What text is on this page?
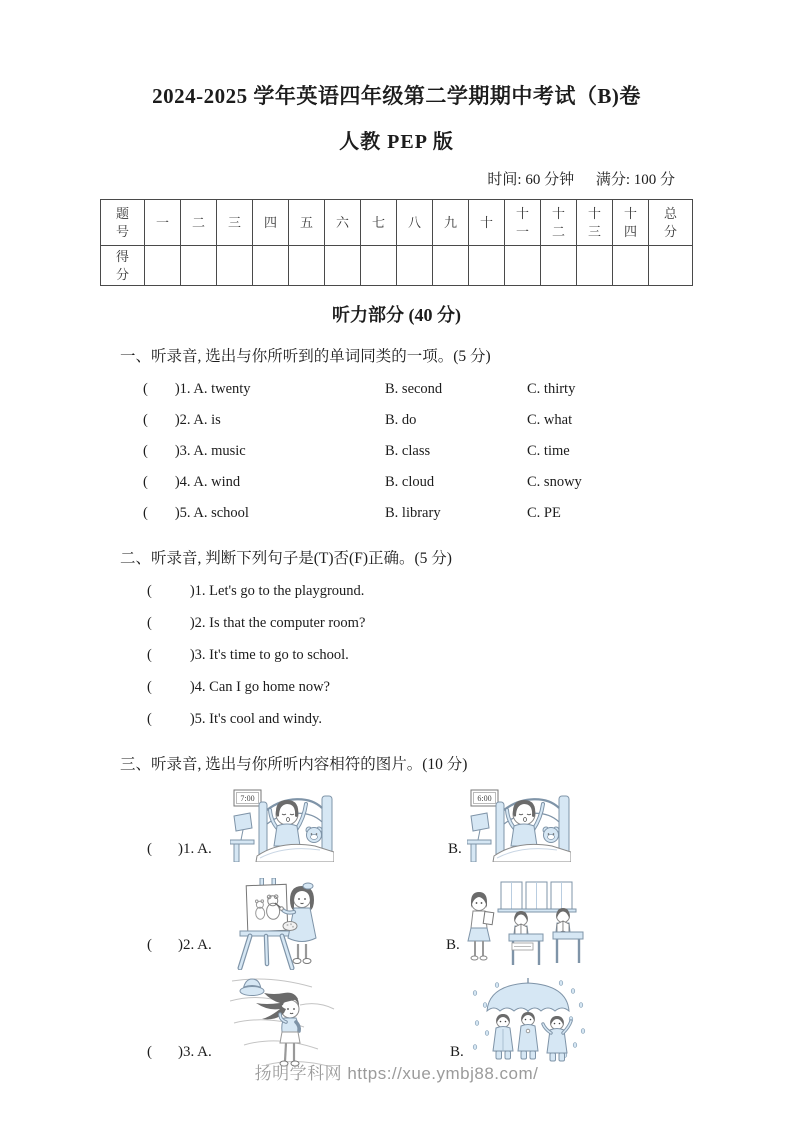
2024-2025 学年英语四年级第二学期期中考试（B)卷
人教 PEP 版
时间: 60 分钟 满分: 100 分
题号	一	二	三	四	五	六	七	八	九	十	十一	十二	十三	十四	总分
得分															
听力部分 (40 分)
一、听录音, 选出与你所听到的单词同类的一项。(5 分)
( )1. A. twenty	B. second	C. thirty
( )2. A. is	B. do	C. what
( )3. A. music	B. class	C. time
( )4. A. wind	B. cloud	C. snowy
( )5. A. school	B. library	C. PE
二、听录音, 判断下列句子是(T)否(F)正确。(5 分)
(	)1. Let's go to the playground.
(	)2. Is that the computer room?
(	)3. It's time to go to school.
(	)4. Can I go home now?
(	)5. It's cool and windy.
三、听录音, 选出与你所听内容相符的图片。(10 分)
( )1. A.
7:00
B.
6:00
( )2. A.	B.
( )3. A.	B.
扬明学科网 https://xue.ymbj88.com/
